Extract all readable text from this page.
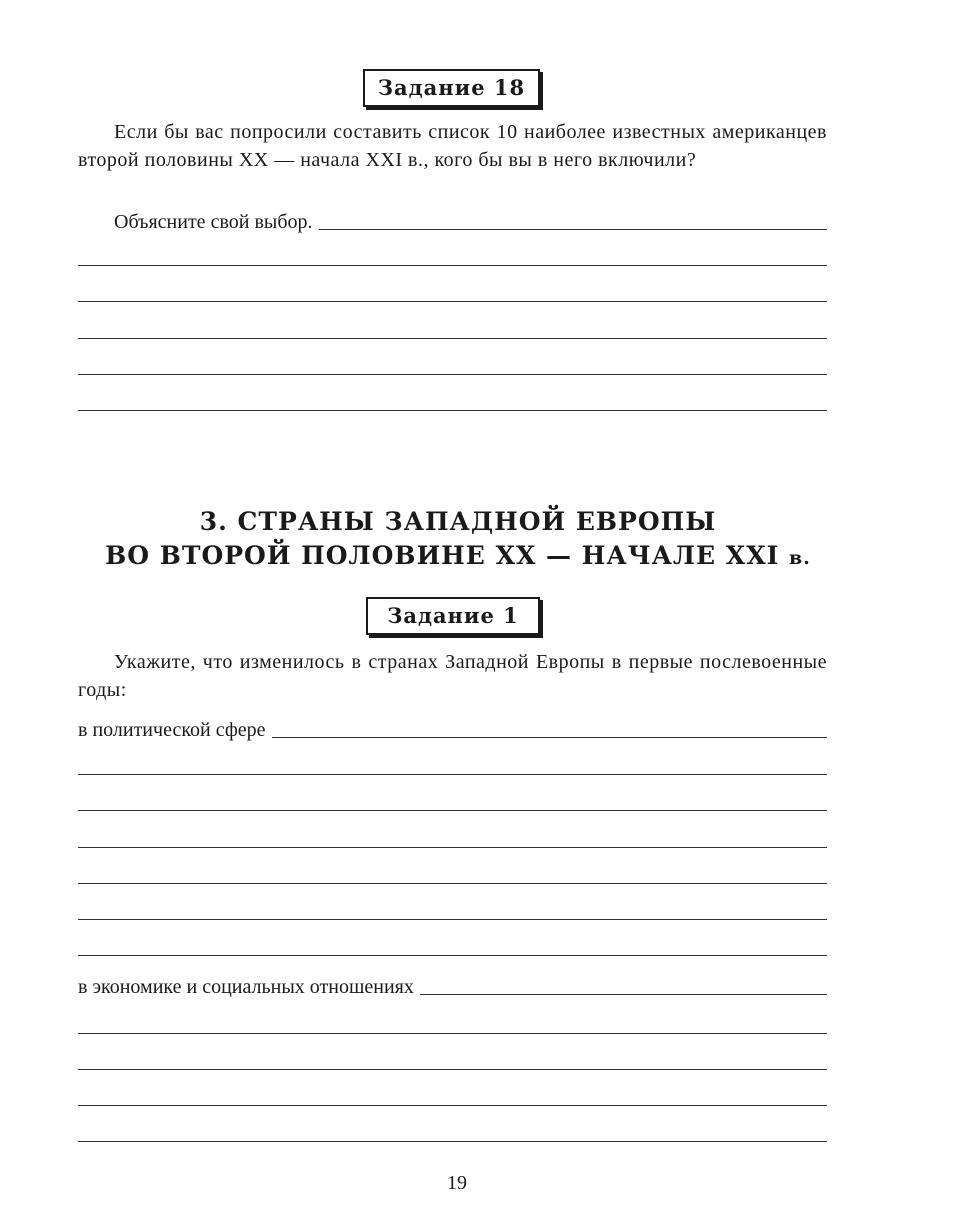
Задание 18
Если бы вас попросили составить список 10 наиболее известных американцев второй половины XX — начала XXI в., кого бы вы в него включили?
Объясните свой выбор.
3. СТРАНЫ ЗАПАДНОЙ ЕВРОПЫ
ВО ВТОРОЙ ПОЛОВИНЕ XX — НАЧАЛЕ XXI в.
Задание 1
Укажите, что изменилось в странах Западной Европы в первые послевоенные годы:
в политической сфере
в экономике и социальных отношениях
19
